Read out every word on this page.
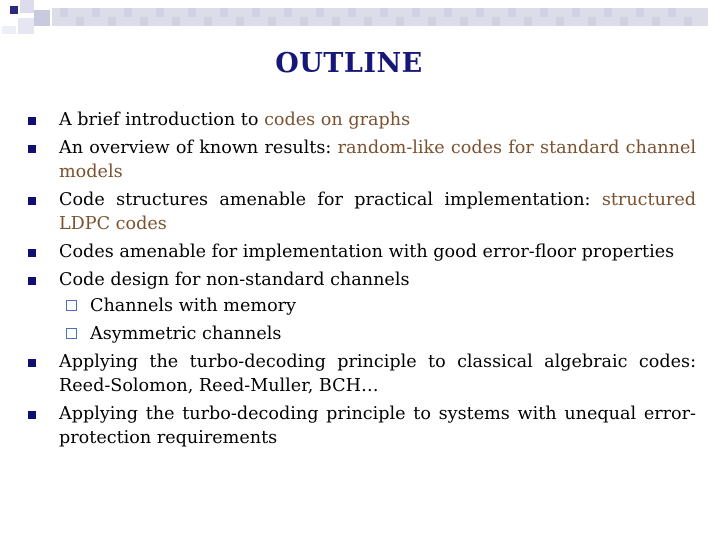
OUTLINE
A brief introduction to codes on graphs
An overview of known results: random-like codes for standard channel models
Code structures amenable for practical implementation: structured LDPC codes
Codes amenable for implementation with good error-floor properties
Code design for non-standard channels
Channels with memory
Asymmetric channels
Applying the turbo-decoding principle to classical algebraic codes: Reed-Solomon, Reed-Muller, BCH…
Applying the turbo-decoding principle to systems with unequal error-protection requirements
